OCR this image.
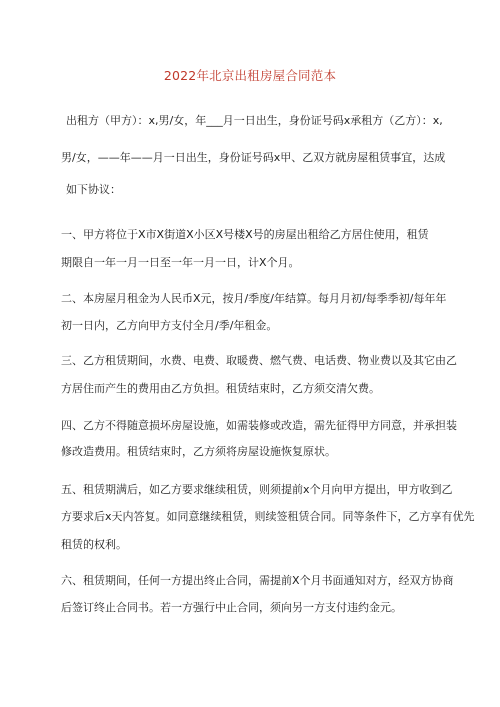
2022年北京出租房屋合同范本
出租方（甲方）：x,男/女，年___月一日出生，身份证号码x承租方（乙方）：x,
男/女，——年——月一日出生，身份证号码x甲、乙双方就房屋租赁事宜，达成
如下协议：
一、甲方将位于X市X街道X小区X号楼X号的房屋出租给乙方居住使用，租赁
期限自一年一月一日至一年一月一日，计X个月。
二、本房屋月租金为人民币X元，按月/季度/年结算。每月月初/每季季初/每年年
初一日内，乙方向甲方支付全月/季/年租金。
三、乙方租赁期间，水费、电费、取暖费、燃气费、电话费、物业费以及其它由乙
方居住而产生的费用由乙方负担。租赁结束时，乙方须交清欠费。
四、乙方不得随意损坏房屋设施，如需装修或改造，需先征得甲方同意，并承担装
修改造费用。租赁结束时，乙方须将房屋设施恢复原状。
五、租赁期满后，如乙方要求继续租赁，则须提前x个月向甲方提出，甲方收到乙
方要求后x天内答复。如同意继续租赁，则续签租赁合同。同等条件下，乙方享有优先
租赁的权利。
六、租赁期间，任何一方提出终止合同，需提前X个月书面通知对方，经双方协商
后签订终止合同书。若一方强行中止合同，须向另一方支付违约金元。
